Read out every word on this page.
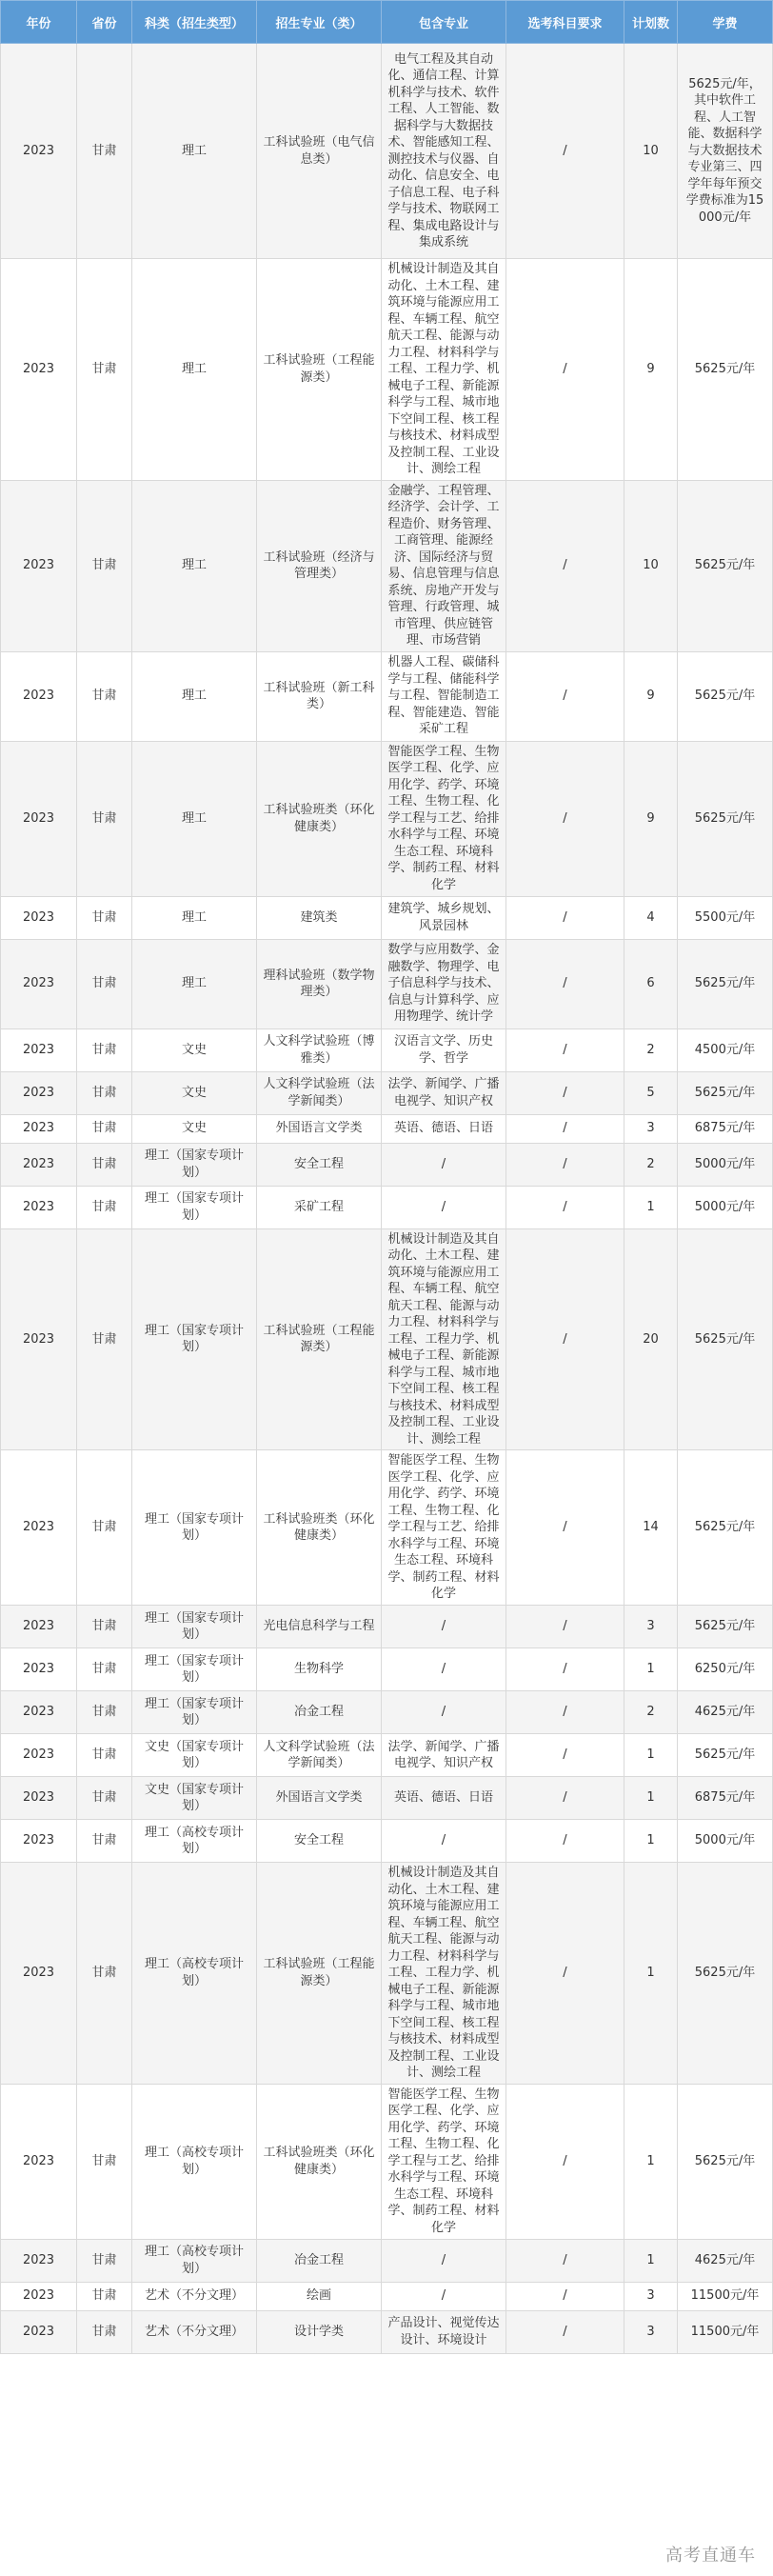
年份	省份	科类（招生类型）	招生专业（类）	包含专业	选考科目要求	计划数	学费
2023	甘肃	理工	工科试验班（电气信息类）	电气工程及其自动化、通信工程、计算机科学与技术、软件工程、人工智能、数据科学与大数据技术、智能感知工程、测控技术与仪器、自动化、信息安全、电子信息工程、电子科学与技术、物联网工程、集成电路设计与集成系统	/	10	5625元/年，其中软件工程、人工智能、数据科学与大数据技术专业第三、四学年每年预交学费标准为15000元/年
2023	甘肃	理工	工科试验班（工程能源类）	机械设计制造及其自动化、土木工程、建筑环境与能源应用工程、车辆工程、航空航天工程、能源与动力工程、材料科学与工程、工程力学、机械电子工程、新能源科学与工程、城市地下空间工程、核工程与核技术、材料成型及控制工程、工业设计、测绘工程	/	9	5625元/年
2023	甘肃	理工	工科试验班（经济与管理类）	金融学、工程管理、经济学、会计学、工程造价、财务管理、工商管理、能源经济、国际经济与贸易、信息管理与信息系统、房地产开发与管理、行政管理、城市管理、供应链管理、市场营销	/	10	5625元/年
2023	甘肃	理工	工科试验班（新工科类）	机器人工程、碳储科学与工程、储能科学与工程、智能制造工程、智能建造、智能采矿工程	/	9	5625元/年
2023	甘肃	理工	工科试验班类（环化健康类）	智能医学工程、生物医学工程、化学、应用化学、药学、环境工程、生物工程、化学工程与工艺、给排水科学与工程、环境生态工程、环境科学、制药工程、材料化学	/	9	5625元/年
2023	甘肃	理工	建筑类	建筑学、城乡规划、风景园林	/	4	5500元/年
2023	甘肃	理工	理科试验班（数学物理类）	数学与应用数学、金融数学、物理学、电子信息科学与技术、信息与计算科学、应用物理学、统计学	/	6	5625元/年
2023	甘肃	文史	人文科学试验班（博雅类）	汉语言文学、历史学、哲学	/	2	4500元/年
2023	甘肃	文史	人文科学试验班（法学新闻类）	法学、新闻学、广播电视学、知识产权	/	5	5625元/年
2023	甘肃	文史	外国语言文学类	英语、德语、日语	/	3	6875元/年
2023	甘肃	理工（国家专项计划）	安全工程	/	/	2	5000元/年
2023	甘肃	理工（国家专项计划）	采矿工程	/	/	1	5000元/年
2023	甘肃	理工（国家专项计划）	工科试验班（工程能源类）	机械设计制造及其自动化、土木工程、建筑环境与能源应用工程、车辆工程、航空航天工程、能源与动力工程、材料科学与工程、工程力学、机械电子工程、新能源科学与工程、城市地下空间工程、核工程与核技术、材料成型及控制工程、工业设计、测绘工程	/	20	5625元/年
2023	甘肃	理工（国家专项计划）	工科试验班类（环化健康类）	智能医学工程、生物医学工程、化学、应用化学、药学、环境工程、生物工程、化学工程与工艺、给排水科学与工程、环境生态工程、环境科学、制药工程、材料化学	/	14	5625元/年
2023	甘肃	理工（国家专项计划）	光电信息科学与工程	/	/	3	5625元/年
2023	甘肃	理工（国家专项计划）	生物科学	/	/	1	6250元/年
2023	甘肃	理工（国家专项计划）	冶金工程	/	/	2	4625元/年
2023	甘肃	文史（国家专项计划）	人文科学试验班（法学新闻类）	法学、新闻学、广播电视学、知识产权	/	1	5625元/年
2023	甘肃	文史（国家专项计划）	外国语言文学类	英语、德语、日语	/	1	6875元/年
2023	甘肃	理工（高校专项计划）	安全工程	/	/	1	5000元/年
2023	甘肃	理工（高校专项计划）	工科试验班（工程能源类）	机械设计制造及其自动化、土木工程、建筑环境与能源应用工程、车辆工程、航空航天工程、能源与动力工程、材料科学与工程、工程力学、机械电子工程、新能源科学与工程、城市地下空间工程、核工程与核技术、材料成型及控制工程、工业设计、测绘工程	/	1	5625元/年
2023	甘肃	理工（高校专项计划）	工科试验班类（环化健康类）	智能医学工程、生物医学工程、化学、应用化学、药学、环境工程、生物工程、化学工程与工艺、给排水科学与工程、环境生态工程、环境科学、制药工程、材料化学	/	1	5625元/年
2023	甘肃	理工（高校专项计划）	冶金工程	/	/	1	4625元/年
2023	甘肃	艺术（不分文理）	绘画	/	/	3	11500元/年
2023	甘肃	艺术（不分文理）	设计学类	产品设计、视觉传达设计、环境设计	/	3	11500元/年
高考直通车
